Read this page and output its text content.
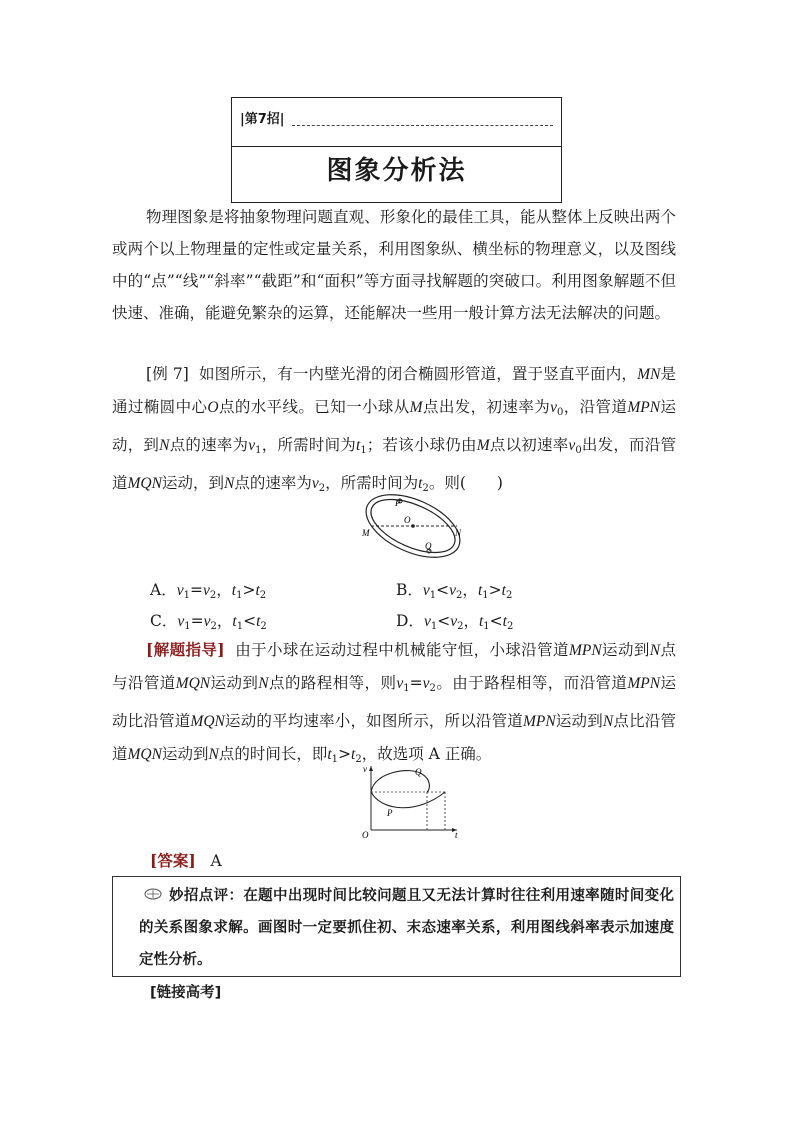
|第7招|
图象分析法
物理图象是将抽象物理问题直观、形象化的最佳工具，能从整体上反映出两个或两个以上物理量的定性或定量关系，利用图象纵、横坐标的物理意义，以及图线中的“点”“线”“斜率”“截距”和“面积”等方面寻找解题的突破口。利用图象解题不但快速、准确，能避免繁杂的运算，还能解决一些用一般计算方法无法解决的问题。
[例 7] 如图所示，有一内壁光滑的闭合椭圆形管道，置于竖直平面内，MN是通过椭圆中心O点的水平线。已知一小球从M点出发，初速率为$v_0$，沿管道MPN运动，到N点的速率为$v_1$，所需时间为$t_1$；若该小球仍由M点以初速率$v_0$出发，而沿管道MQN运动，到N点的速率为$v_2$，所需时间为$t_2$。则(　　)
P
O
M	N
Q
A．$v_1=v_2$，$t_1>t_2$	B．$v_1<v_2$，$t_1>t_2$
C．$v_1=v_2$，$t_1<t_2$	D．$v_1<v_2$，$t_1<t_2$
[解题指导] 由于小球在运动过程中机械能守恒，小球沿管道MPN运动到N点与沿管道MQN运动到N点的路程相等，则$v_1=v_2$。由于路程相等，而沿管道MPN运动比沿管道MQN运动的平均速率小，如图所示，所以沿管道MPN运动到N点比沿管道MQN运动到N点的时间长，即$t_1>t_2$，故选项 A 正确。
v
t
O
Q
P
[答案] A
妙招点评：在题中出现时间比较问题且又无法计算时往往利用速率随时间变化的关系图象求解。画图时一定要抓住初、末态速率关系，利用图线斜率表示加速度定性分析。
[链接高考]
